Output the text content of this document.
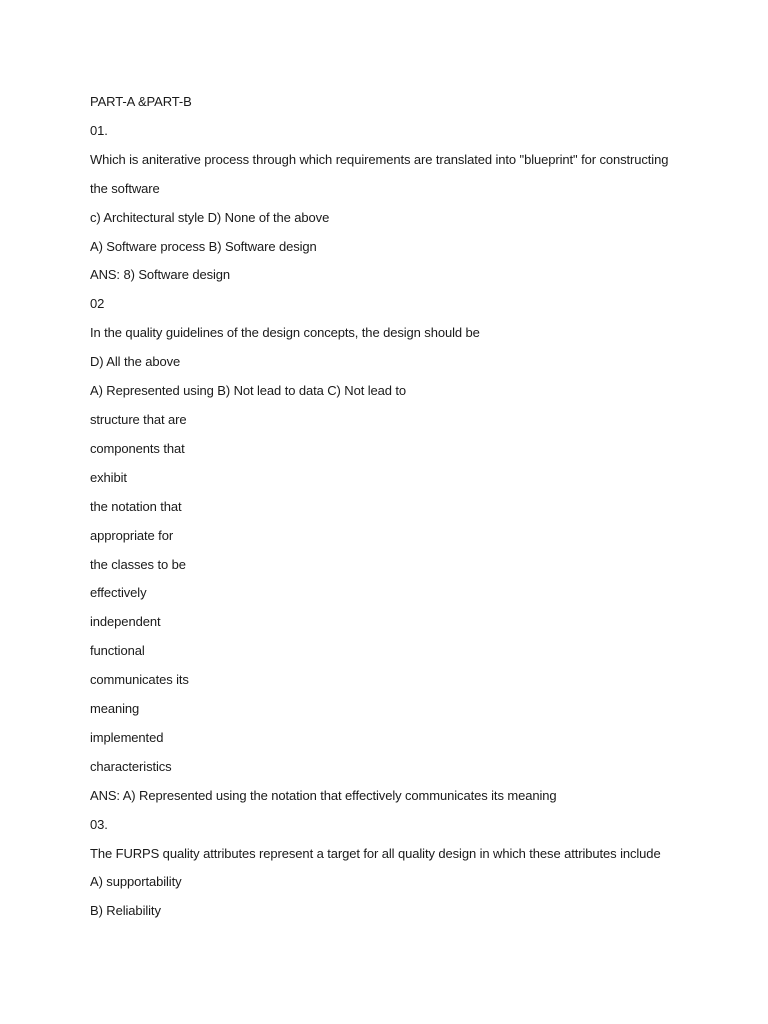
PART-A &PART-B
01.
Which is aniterative process through which requirements are translated into "blueprint" for constructing
the software
c) Architectural style D) None of the above
A) Software process B) Software design
ANS: 8) Software design
02
In the quality guidelines of the design concepts, the design should be
D) All the above
A) Represented using B) Not lead to data C) Not lead to
structure that are
components that
exhibit
the notation that
appropriate for
the classes to be
effectively
independent
functional
communicates its
meaning
implemented
characteristics
ANS: A) Represented using the notation that effectively communicates its meaning
03.
The FURPS quality attributes represent a target for all quality design in which these attributes include
A) supportability
B) Reliability
